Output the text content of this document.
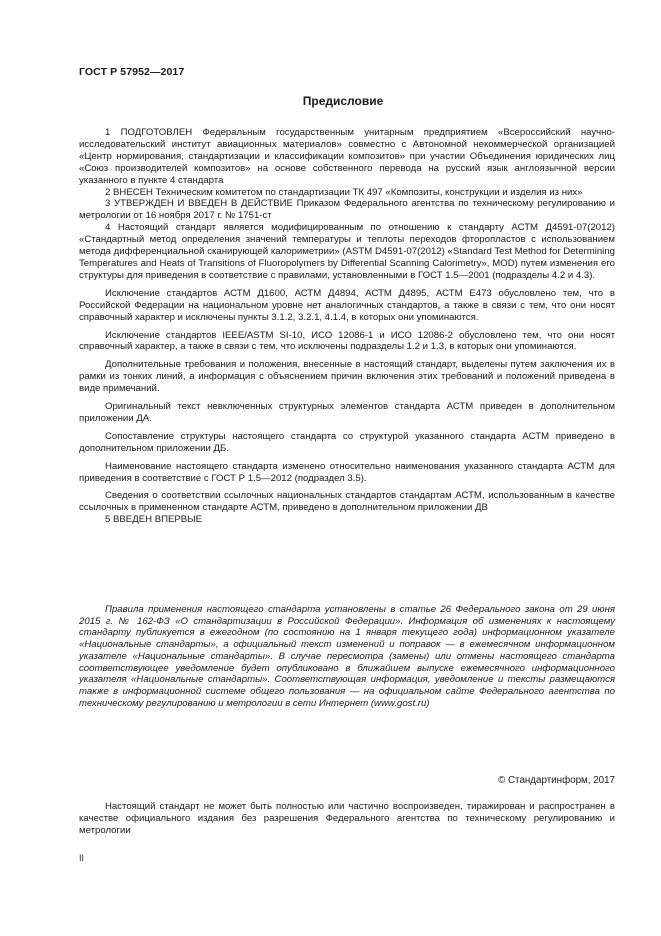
ГОСТ Р 57952—2017
Предисловие

1 ПОДГОТОВЛЕН Федеральным государственным унитарным предприятием «Всероссийский научно-исследовательский институт авиационных материалов» совместно с Автономной некоммерческой организацией «Центр нормирования, стандартизации и классификации композитов» при участии Объединения юридических лиц «Союз производителей композитов» на основе собственного перевода на русский язык англоязычной версии указанного в пункте 4 стандарта

2 ВНЕСЕН Техническим комитетом по стандартизации ТК 497 «Композиты, конструкции и изделия из них»

3 УТВЕРЖДЕН И ВВЕДЕН В ДЕЙСТВИЕ Приказом Федерального агентства по техническому регулированию и метрологии от 16 ноября 2017 г. № 1751-ст

4 Настоящий стандарт является модифицированным по отношению к стандарту АСТМ Д4591-07(2012) «Стандартный метод определения значений температуры и теплоты переходов фторопластов с использованием метода дифференциальной сканирующей калориметрии» (ASTM D4591-07(2012) «Standard Test Method for Determining Temperatures and Heats of Transitions of Fluoropolymers by Differential Scanning Calorimetry», MOD) путем изменения его структуры для приведения в соответствие с правилами, установленными в ГОСТ 1.5—2001 (подразделы 4.2 и 4.3).

Исключение стандартов АСТМ Д1600, АСТМ Д4894, АСТМ Д4895, АСТМ Е473 обусловлено тем, что в Российской Федерации на национальном уровне нет аналогичных стандартов, а также в связи с тем, что они носят справочный характер и исключены пункты 3.1.2, 3.2.1, 4.1.4, в которых они упоминаются.

Исключение стандартов IEEE/ASTM SI-10, ИСО 12086-1 и ИСО 12086-2 обусловлено тем, что они носят справочный характер, а также в связи с тем, что исключены подразделы 1.2 и 1.3, в которых они упоминаются.

Дополнительные требования и положения, внесенные в настоящий стандарт, выделены путем заключения их в рамки из тонких линий, а информация с объяснением причин включения этих требований и положений приведена в виде примечаний.

Оригинальный текст невключенных структурных элементов стандарта АСТМ приведен в дополнительном приложении ДА.

Сопоставление структуры настоящего стандарта со структурой указанного стандарта АСТМ приведено в дополнительном приложении ДБ.

Наименование настоящего стандарта изменено относительно наименования указанного стандарта АСТМ для приведения в соответствие с ГОСТ Р 1.5—2012 (подраздел 3.5).

Сведения о соответствии ссылочных национальных стандартов стандартам АСТМ, использованным в качестве ссылочных в примененном стандарте АСТМ, приведено в дополнительном приложении ДВ

5 ВВЕДЕН ВПЕРВЫЕ

Правила применения настоящего стандарта установлены в статье 26 Федерального закона от 29 июня 2015 г. № 162-ФЗ «О стандартизации в Российской Федерации». Информация об изменениях к настоящему стандарту публикуется в ежегодном (по состоянию на 1 января текущего года) информационном указателе «Национальные стандарты», а официальный текст изменений и поправок — в ежемесячном информационном указателе «Национальные стандарты». В случае пересмотра (замены) или отмены настоящего стандарта соответствующее уведомление будет опубликовано в ближайшем выпуске ежемесячного информационного указателя «Национальные стандарты». Соответствующая информация, уведомление и тексты размещаются также в информационной системе общего пользования — на официальном сайте Федерального агентства по техническому регулированию и метрологии в сети Интернет (www.gost.ru)
© Стандартинформ, 2017
Настоящий стандарт не может быть полностью или частично воспроизведен, тиражирован и распространен в качестве официального издания без разрешения Федерального агентства по техническому регулированию и метрологии
II
